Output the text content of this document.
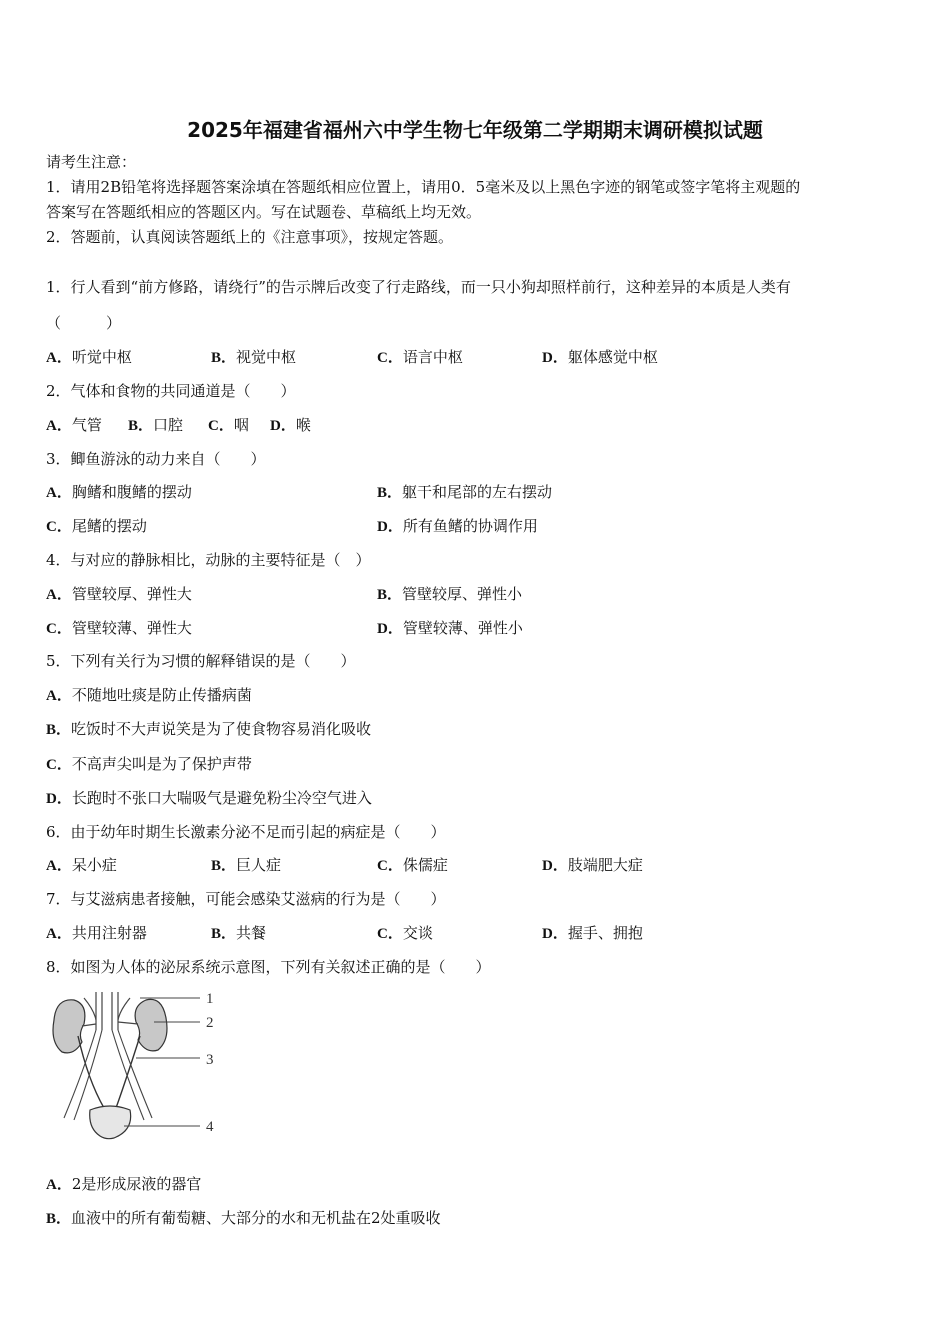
2025年福建省福州六中学生物七年级第二学期期末调研模拟试题
请考生注意：
1．请用2B铅笔将选择题答案涂填在答题纸相应位置上，请用0．5毫米及以上黑色字迹的钢笔或签字笔将主观题的
答案写在答题纸相应的答题区内。写在试题卷、草稿纸上均无效。
2．答题前，认真阅读答题纸上的《注意事项》，按规定答题。
1．行人看到“前方修路，请绕行”的告示牌后改变了行走路线，而一只小狗却照样前行，这种差异的本质是人类有
（　　　）
A．听觉中枢	B．视觉中枢	C．语言中枢	D．躯体感觉中枢
2．气体和食物的共同通道是（　　）
A．气管 B．口腔 C．咽 D．喉
3．鲫鱼游泳的动力来自（　　）
A．胸鳍和腹鳍的摆动	B．躯干和尾部的左右摆动
C．尾鳍的摆动	D．所有鱼鳍的协调作用
4．与对应的静脉相比，动脉的主要特征是（　）
A．管壁较厚、弹性大	B．管壁较厚、弹性小
C．管壁较薄、弹性大	D．管壁较薄、弹性小
5．下列有关行为习惯的解释错误的是（　　）
A．不随地吐痰是防止传播病菌
B．吃饭时不大声说笑是为了使食物容易消化吸收
C．不高声尖叫是为了保护声带
D．长跑时不张口大喘吸气是避免粉尘冷空气进入
6．由于幼年时期生长激素分泌不足而引起的病症是（　　）
A．呆小症	B．巨人症	C．侏儒症	D．肢端肥大症
7．与艾滋病患者接触，可能会感染艾滋病的行为是（　　）
A．共用注射器	B．共餐	C．交谈	D．握手、拥抱
8．如图为人体的泌尿系统示意图，下列有关叙述正确的是（　　）
1
2
3
4
A．2是形成尿液的器官
B．血液中的所有葡萄糖、大部分的水和无机盐在2处重吸收
